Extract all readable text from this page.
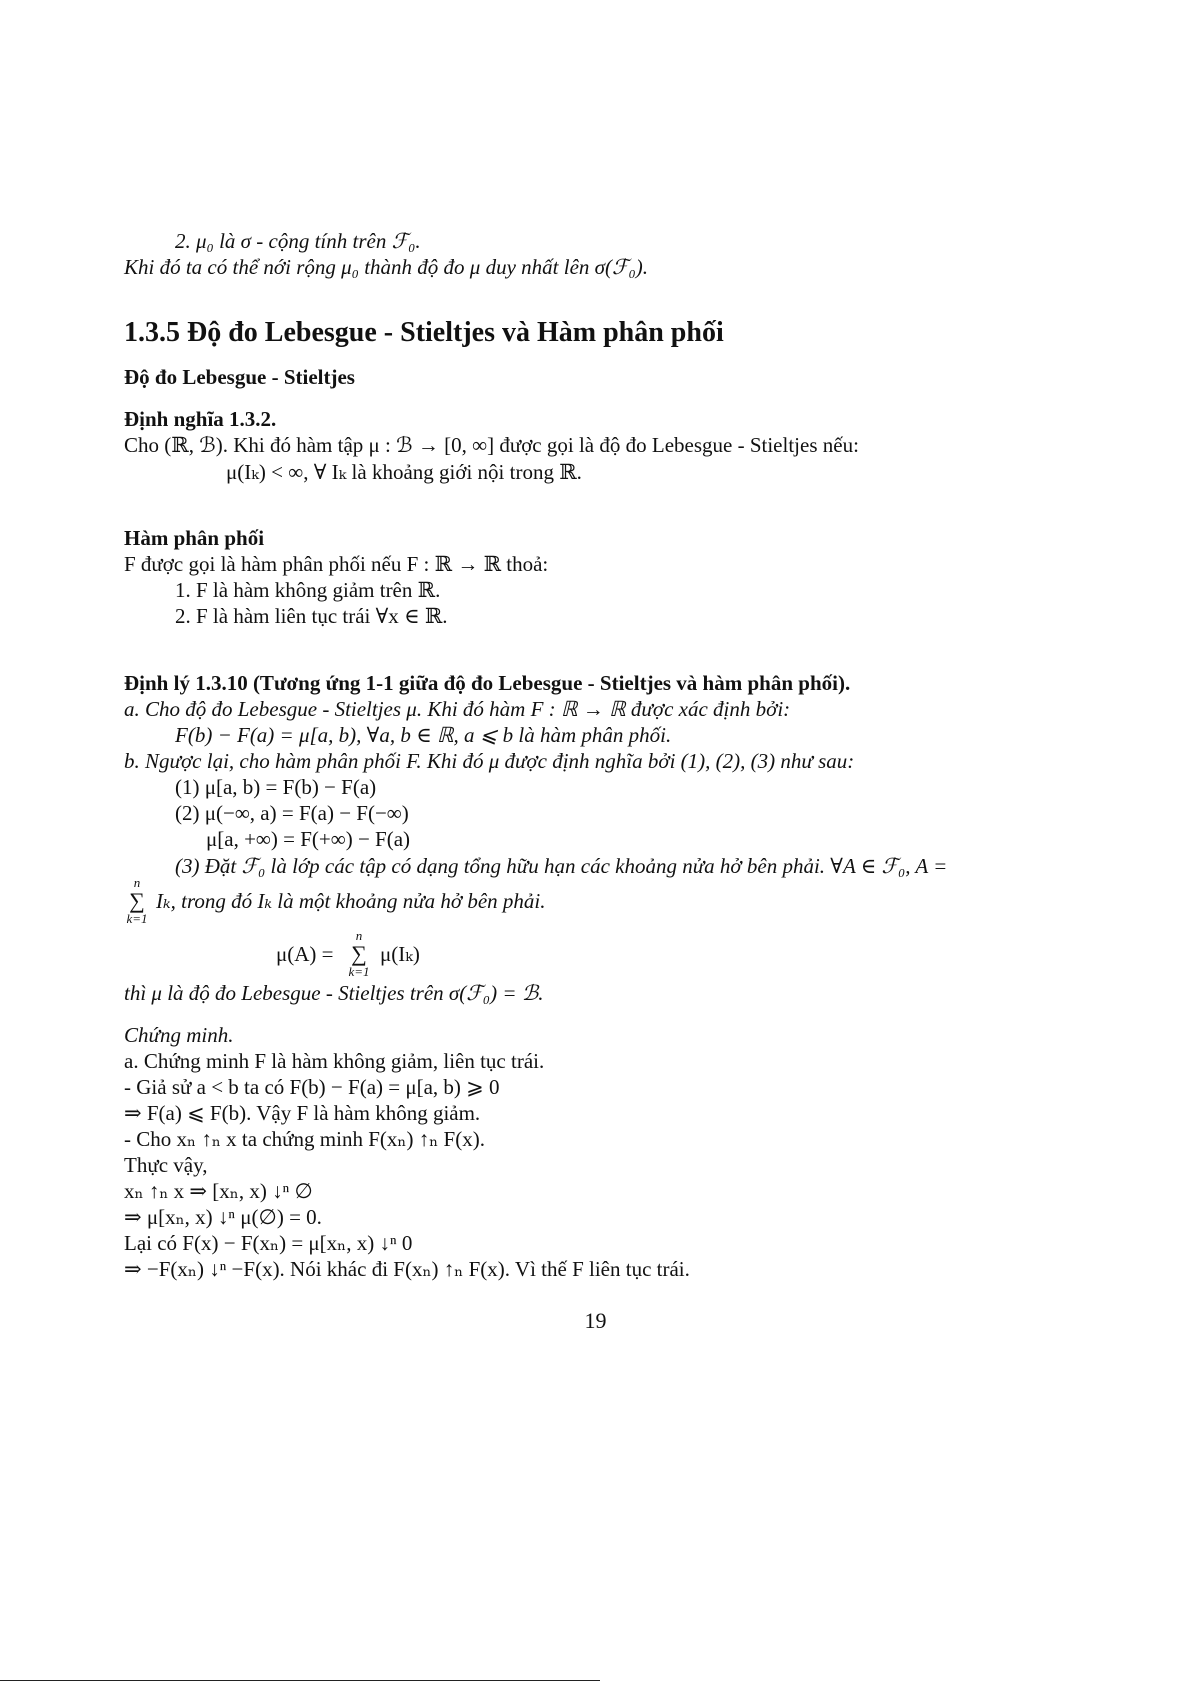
2. μ₀ là σ - cộng tính trên ℱ₀.
Khi đó ta có thể nới rộng μ₀ thành độ đo μ duy nhất lên σ(ℱ₀).
1.3.5 Độ đo Lebesgue - Stieltjes và Hàm phân phối
Độ đo Lebesgue - Stieltjes
Định nghĩa 1.3.2.
Cho (ℝ, ℬ). Khi đó hàm tập μ : ℬ → [0, ∞] được gọi là độ đo Lebesgue - Stieltjes nếu:
μ(Iₖ) < ∞, ∀ Iₖ là khoảng giới nội trong ℝ.
Hàm phân phối
F được gọi là hàm phân phối nếu F : ℝ → ℝ thoả:
1. F là hàm không giảm trên ℝ.
2. F là hàm liên tục trái ∀x ∈ ℝ.
Định lý 1.3.10 (Tương ứng 1-1 giữa độ đo Lebesgue - Stieltjes và hàm phân phối).
a. Cho độ đo Lebesgue - Stieltjes μ. Khi đó hàm F : ℝ → ℝ được xác định bởi:
F(b) − F(a) = μ[a, b), ∀a, b ∈ ℝ, a ⩽ b là hàm phân phối.
b. Ngược lại, cho hàm phân phối F. Khi đó μ được định nghĩa bởi (1), (2), (3) như sau:
(1) μ[a, b) = F(b) − F(a)
(2) μ(−∞, a) = F(a) − F(−∞)
μ[a, +∞) = F(+∞) − F(a)
(3) Đặt ℱ₀ là lớp các tập có dạng tổng hữu hạn các khoảng nửa hở bên phải. ∀A ∈ ℱ₀, A =
n
∑
k=1
Iₖ, trong đó Iₖ là một khoảng nửa hở bên phải.
μ(A) =
n
∑
k=1
μ(Iₖ)
thì μ là độ đo Lebesgue - Stieltjes trên σ(ℱ₀) = ℬ.
Chứng minh.
a. Chứng minh F là hàm không giảm, liên tục trái.
- Giả sử a < b ta có F(b) − F(a) = μ[a, b) ⩾ 0
⇒ F(a) ⩽ F(b). Vậy F là hàm không giảm.
- Cho xₙ ↑ₙ x ta chứng minh F(xₙ) ↑ₙ F(x).
Thực vậy,
xₙ ↑ₙ x ⇒ [xₙ, x) ↓ⁿ ∅
⇒ μ[xₙ, x) ↓ⁿ μ(∅) = 0.
Lại có F(x) − F(xₙ) = μ[xₙ, x) ↓ⁿ 0
⇒ −F(xₙ) ↓ⁿ −F(x). Nói khác đi F(xₙ) ↑ₙ F(x). Vì thế F liên tục trái.
19
